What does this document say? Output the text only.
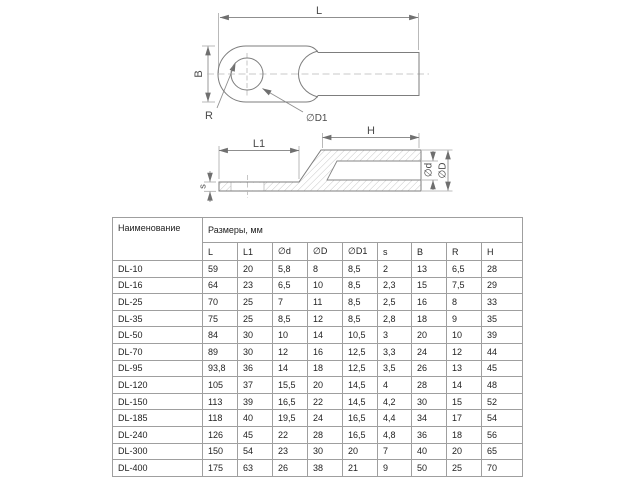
L
B
R	∅D1
L1
H
s
∅d ∅D
Наименование	Размеры, мм								
	L	L1	∅d	∅D	∅D1	s	B	R	H
DL-10	59	20	5,8	8	8,5	2	13	6,5	28
DL-16	64	23	6,5	10	8,5	2,3	15	7,5	29
DL-25	70	25	7	11	8,5	2,5	16	8	33
DL-35	75	25	8,5	12	8,5	2,8	18	9	35
DL-50	84	30	10	14	10,5	3	20	10	39
DL-70	89	30	12	16	12,5	3,3	24	12	44
DL-95	93,8	36	14	18	12,5	3,5	26	13	45
DL-120	105	37	15,5	20	14,5	4	28	14	48
DL-150	113	39	16,5	22	14,5	4,2	30	15	52
DL-185	118	40	19,5	24	16,5	4,4	34	17	54
DL-240	126	45	22	28	16,5	4,8	36	18	56
DL-300	150	54	23	30	20	7	40	20	65
DL-400	175	63	26	38	21	9	50	25	70
